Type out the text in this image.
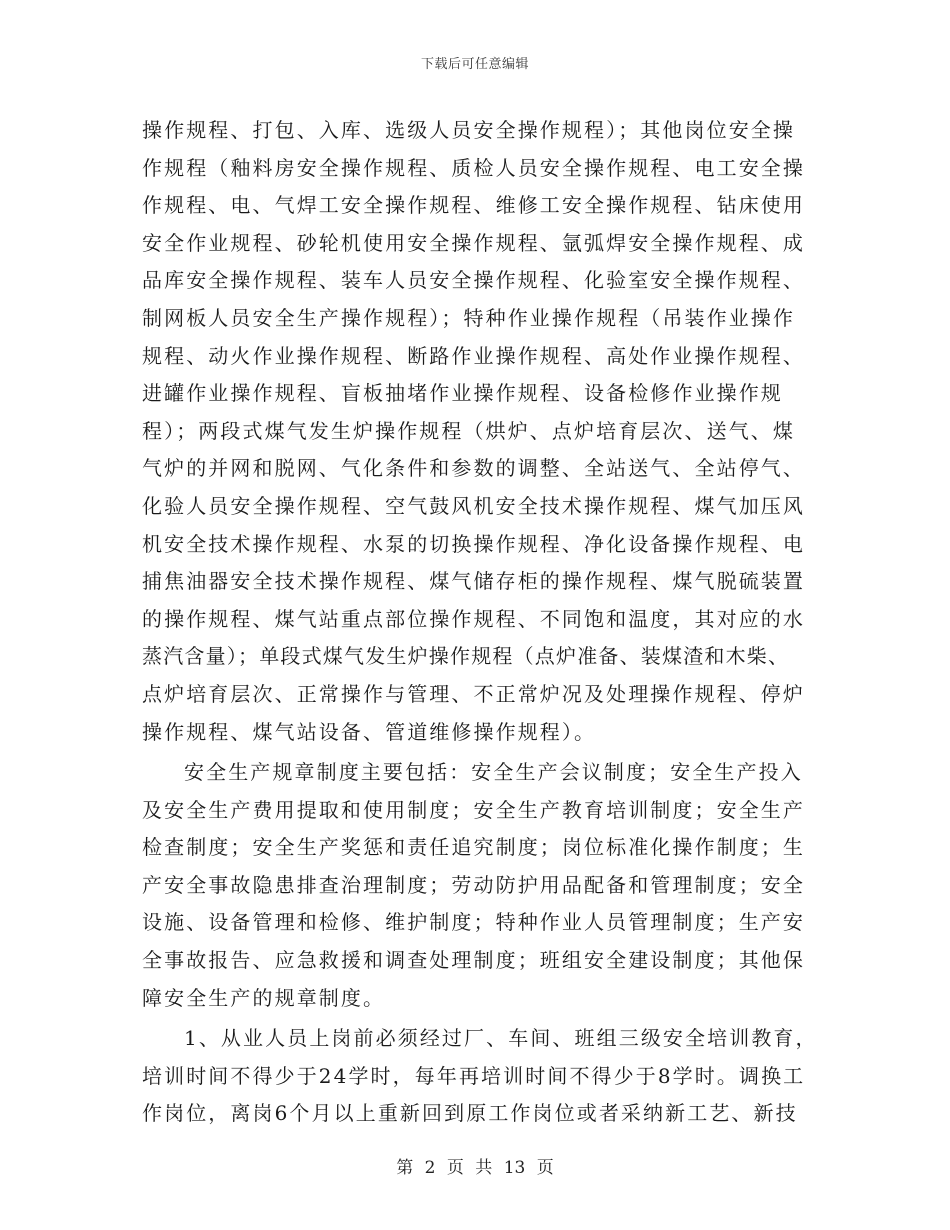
下载后可任意编辑
操作规程、打包、入库、选级人员安全操作规程）；其他岗位安全操
作规程（釉料房安全操作规程、质检人员安全操作规程、电工安全操
作规程、电、气焊工安全操作规程、维修工安全操作规程、钻床使用
安全作业规程、砂轮机使用安全操作规程、氩弧焊安全操作规程、成
品库安全操作规程、装车人员安全操作规程、化验室安全操作规程、
制网板人员安全生产操作规程）；特种作业操作规程（吊装作业操作
规程、动火作业操作规程、断路作业操作规程、高处作业操作规程、
进罐作业操作规程、盲板抽堵作业操作规程、设备检修作业操作规
程）；两段式煤气发生炉操作规程（烘炉、点炉培育层次、送气、煤
气炉的并网和脱网、气化条件和参数的调整、全站送气、全站停气、
化验人员安全操作规程、空气鼓风机安全技术操作规程、煤气加压风
机安全技术操作规程、水泵的切换操作规程、净化设备操作规程、电
捕焦油器安全技术操作规程、煤气储存柜的操作规程、煤气脱硫装置
的操作规程、煤气站重点部位操作规程、不同饱和温度，其对应的水
蒸汽含量）；单段式煤气发生炉操作规程（点炉准备、装煤渣和木柴、
点炉培育层次、正常操作与管理、不正常炉况及处理操作规程、停炉
操作规程、煤气站设备、管道维修操作规程）。
安全生产规章制度主要包括：安全生产会议制度；安全生产投入
及安全生产费用提取和使用制度；安全生产教育培训制度；安全生产
检查制度；安全生产奖惩和责任追究制度；岗位标准化操作制度；生
产安全事故隐患排查治理制度；劳动防护用品配备和管理制度；安全
设施、设备管理和检修、维护制度；特种作业人员管理制度；生产安
全事故报告、应急救援和调查处理制度；班组安全建设制度；其他保
障安全生产的规章制度。
1、从业人员上岗前必须经过厂、车间、班组三级安全培训教育，
培训时间不得少于24学时，每年再培训时间不得少于8学时。调换工
作岗位，离岗6个月以上重新回到原工作岗位或者采纳新工艺、新技
第 2 页 共 13 页
